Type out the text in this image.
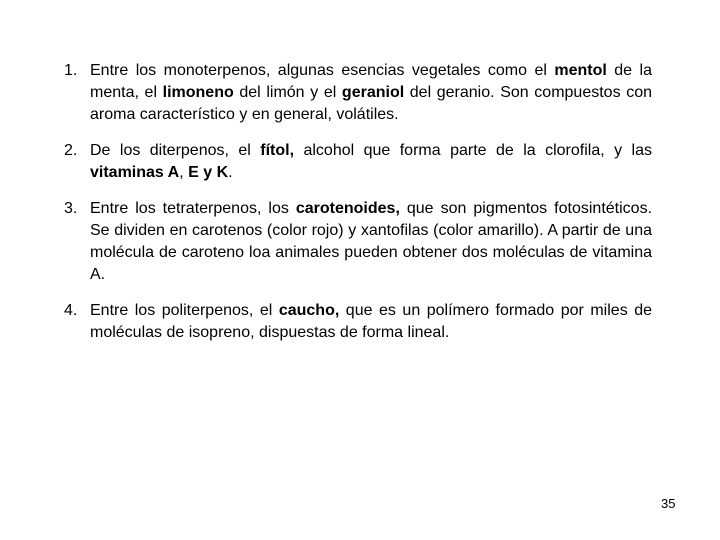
1. Entre los monoterpenos, algunas esencias vegetales como el mentol de la menta, el limoneno del limón y el geraniol del geranio. Son compuestos con aroma característico y en general, volátiles.
2. De los diterpenos, el fítol, alcohol que forma parte de la clorofila, y las vitaminas A, E y K.
3. Entre los tetraterpenos, los carotenoides, que son pigmentos fotosintéticos. Se dividen en carotenos (color rojo) y xantofilas (color amarillo). A partir de una molécula de caroteno loa animales pueden obtener dos moléculas de vitamina A.
4. Entre los politerpenos, el caucho, que es un polímero formado por miles de moléculas de isopreno, dispuestas de forma lineal.
35
